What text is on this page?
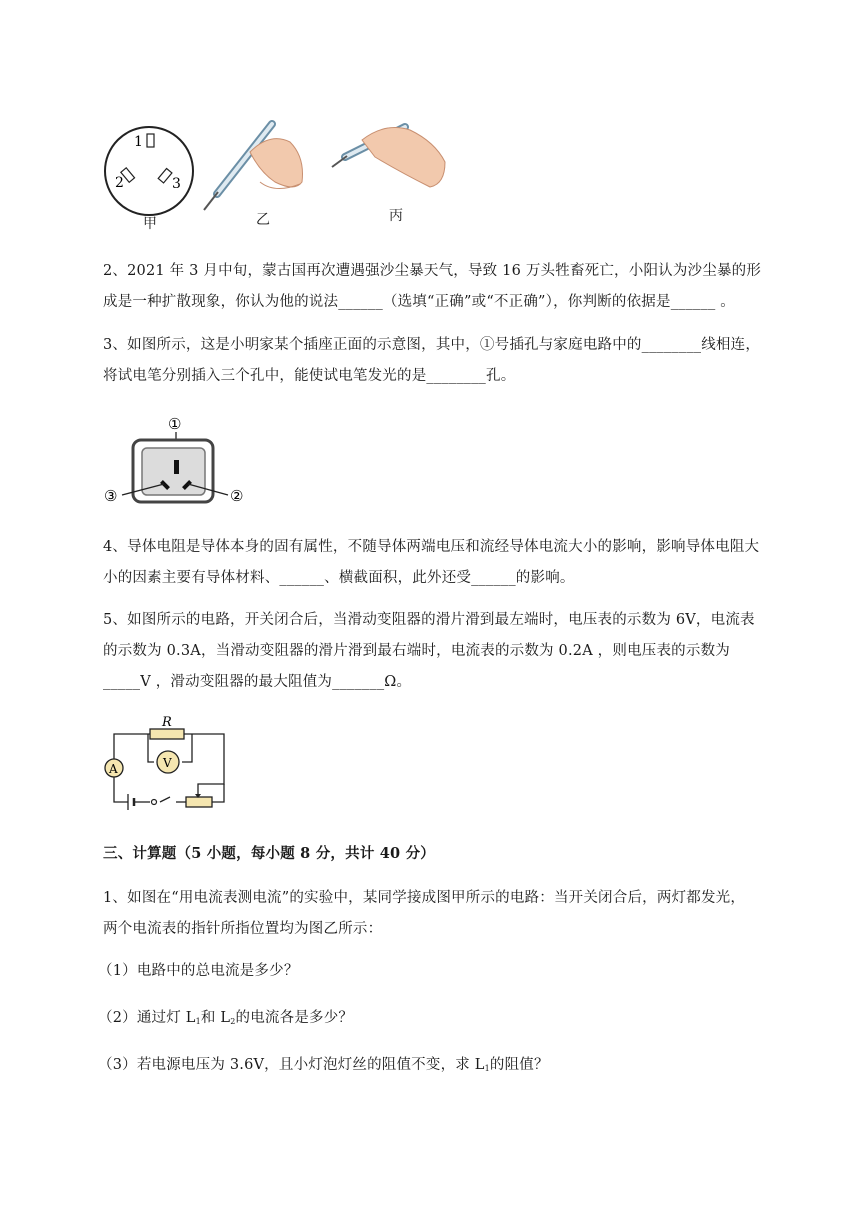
1
2	3
甲	乙	丙
2、2021 年 3 月中旬，蒙古国再次遭遇强沙尘暴天气，导致 16 万头牲畜死亡，小阳认为沙尘暴的形
成是一种扩散现象，你认为他的说法______（选填“正确”或“不正确”），你判断的依据是______ 。
3、如图所示，这是小明家某个插座正面的示意图，其中，①号插孔与家庭电路中的________线相连，
将试电笔分别插入三个孔中，能使试电笔发光的是________孔。
①
③	②
4、导体电阻是导体本身的固有属性，不随导体两端电压和流经导体电流大小的影响，影响导体电阻大
小的因素主要有导体材料、______、横截面积，此外还受______的影响。
5、如图所示的电路，开关闭合后，当滑动变阻器的滑片滑到最左端时，电压表的示数为 6V，电流表
的示数为 0.3A，当滑动变阻器的滑片滑到最右端时，电流表的示数为 0.2A ，则电压表的示数为
_____V ，滑动变阻器的最大阻值为_______Ω。
R
A	V
三、计算题（5 小题，每小题 8 分，共计 40 分）
1、如图在“用电流表测电流”的实验中，某同学接成图甲所示的电路：当开关闭合后，两灯都发光，
两个电流表的指针所指位置均为图乙所示：
（1）电路中的总电流是多少？
（2）通过灯 $L_1$和 $L_2$的电流各是多少？
（3）若电源电压为 3.6V，且小灯泡灯丝的阻值不变，求 $L_1$的阻值？
